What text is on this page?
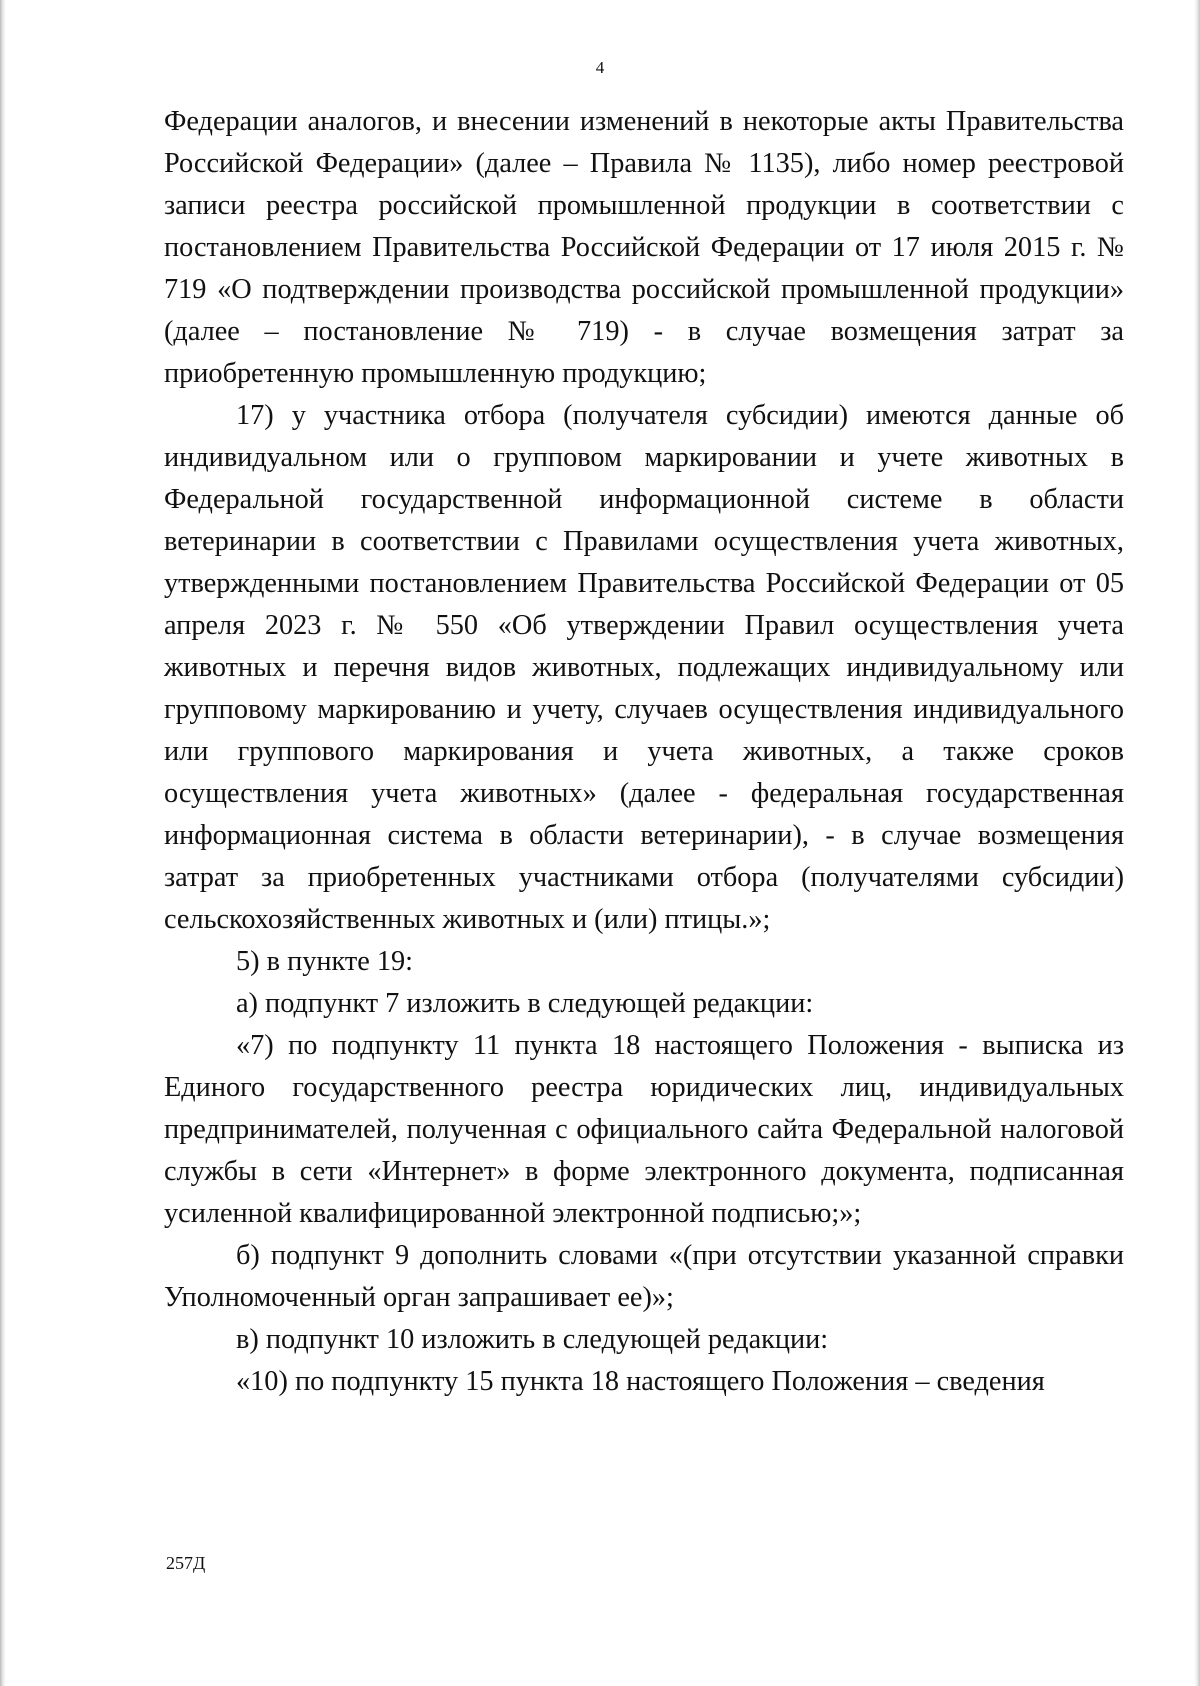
4

Федерации аналогов, и внесении изменений в некоторые акты Правительства Российской Федерации» (далее – Правила № 1135), либо номер реестровой записи реестра российской промышленной продукции в соответствии с постановлением Правительства Российской Федерации от 17 июля 2015 г. № 719 «О подтверждении производства российской промышленной продукции» (далее – постановление № 719) - в случае возмещения затрат за приобретенную промышленную продукцию;

17) у участника отбора (получателя субсидии) имеются данные об индивидуальном или о групповом маркировании и учете животных в Федеральной государственной информационной системе в области ветеринарии в соответствии с Правилами осуществления учета животных, утвержденными постановлением Правительства Российской Федерации от 05 апреля 2023 г. № 550 «Об утверждении Правил осуществления учета животных и перечня видов животных, подлежащих индивидуальному или групповому маркированию и учету, случаев осуществления индивидуального или группового маркирования и учета животных, а также сроков осуществления учета животных» (далее - федеральная государственная информационная система в области ветеринарии), - в случае возмещения затрат за приобретенных участниками отбора (получателями субсидии) сельскохозяйственных животных и (или) птицы.»;

5) в пункте 19:

а) подпункт 7 изложить в следующей редакции:

«7) по подпункту 11 пункта 18 настоящего Положения - выписка из Единого государственного реестра юридических лиц, индивидуальных предпринимателей, полученная с официального сайта Федеральной налоговой службы в сети «Интернет» в форме электронного документа, подписанная усиленной квалифицированной электронной подписью;»;

б) подпункт 9 дополнить словами «(при отсутствии указанной справки Уполномоченный орган запрашивает ее)»;

в) подпункт 10 изложить в следующей редакции:

«10) по подпункту 15 пункта 18 настоящего Положения – сведения

257Д
